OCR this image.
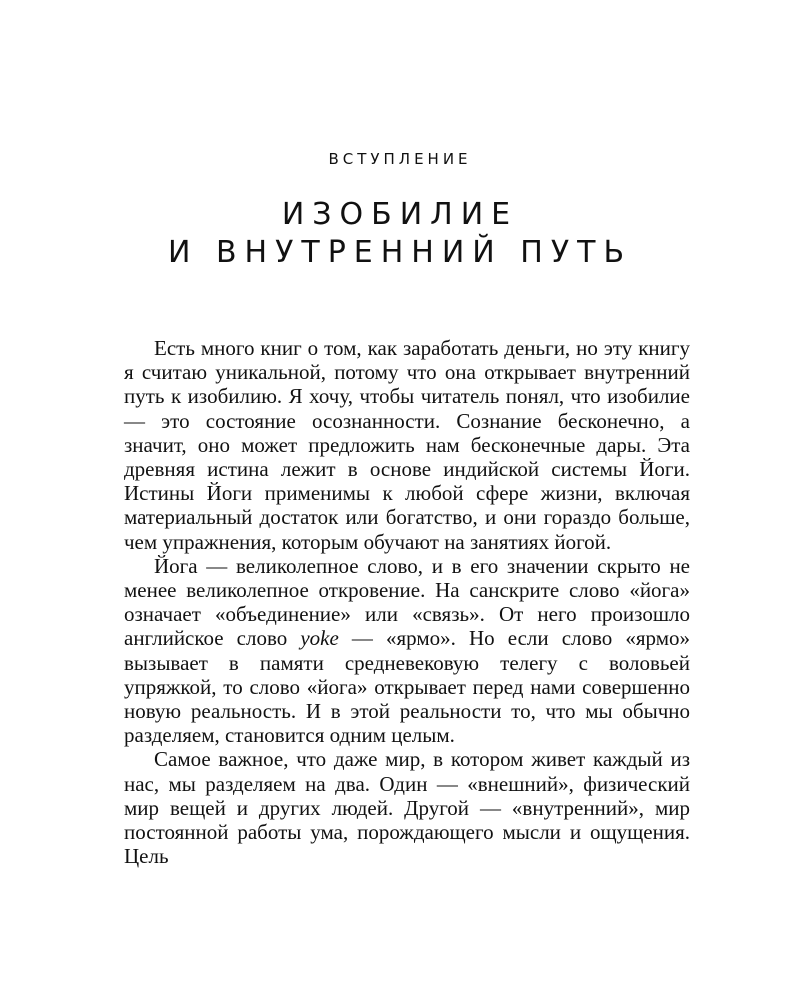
ВСТУПЛЕНИЕ
ИЗОБИЛИЕ
И ВНУТРЕННИЙ ПУТЬ

Есть много книг о том, как заработать деньги, но эту книгу я считаю уникальной, потому что она открывает внутренний путь к изобилию. Я хочу, чтобы читатель понял, что изобилие — это состояние осознанности. Сознание бесконечно, а значит, оно может предложить нам бесконечные дары. Эта древняя истина лежит в основе индийской системы Йоги. Истины Йоги применимы к любой сфере жизни, включая материальный достаток или богатство, и они гораздо больше, чем упражнения, которым обучают на занятиях йогой.

Йога — великолепное слово, и в его значении скрыто не менее великолепное откровение. На санскрите слово «йога» означает «объединение» или «связь». От него произошло английское слово yoke — «ярмо». Но если слово «ярмо» вызывает в памяти средневековую телегу с воловьей упряжкой, то слово «йога» открывает перед нами совершенно новую реальность. И в этой реальности то, что мы обычно разделяем, становится одним целым.

Самое важное, что даже мир, в котором живет каждый из нас, мы разделяем на два. Один — «внешний», физический мир вещей и других людей. Другой — «внутренний», мир постоянной работы ума, порождающего мысли и ощущения. Цель
